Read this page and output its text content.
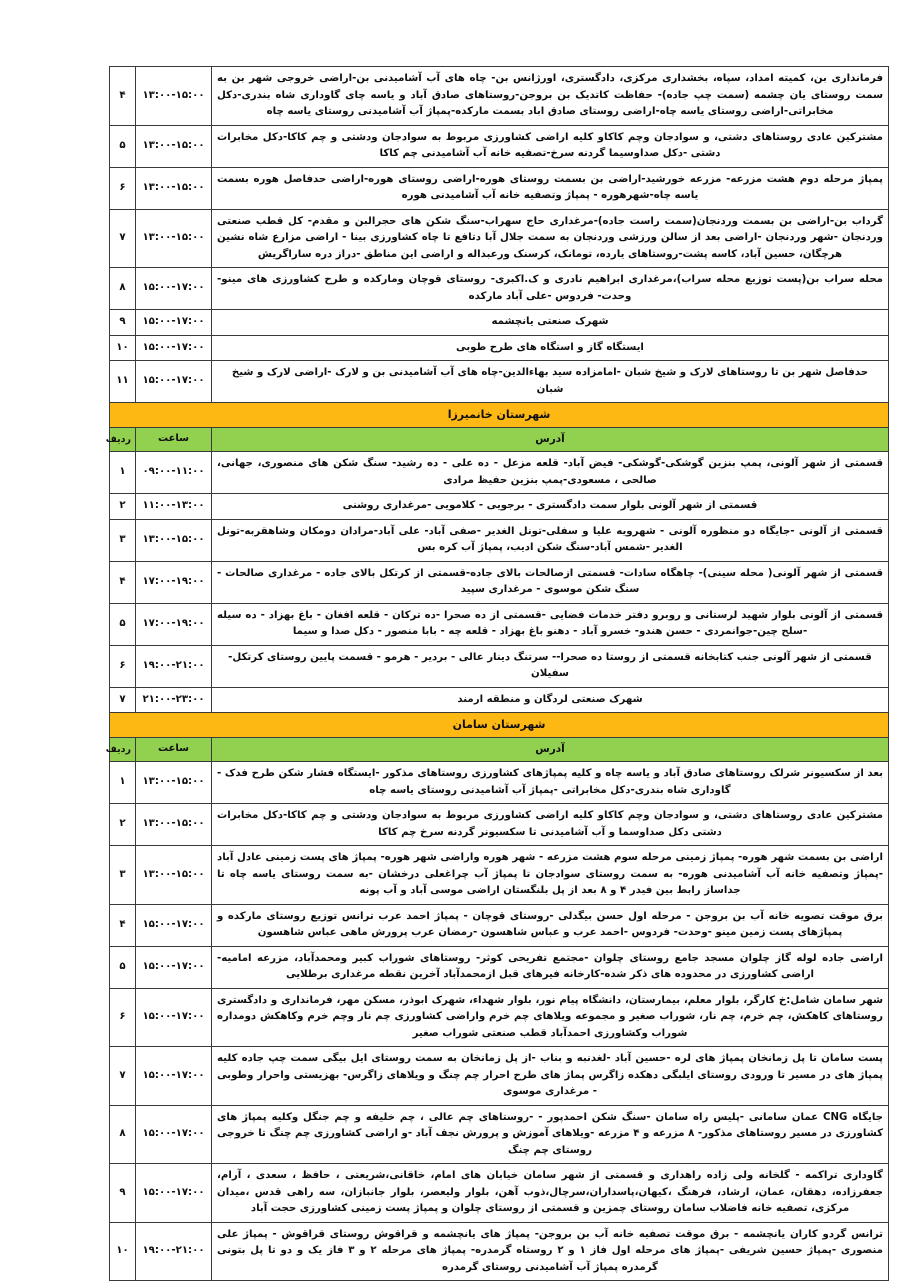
فرمانداری بن، کمیته امداد، سپاه، بخشداری مرکزی، دادگستری، اورژانس بن- چاه های آب آشامیدنی بن-اراضی خروجی شهر بن به سمت روستای یان چشمه (سمت چپ جاده)- حفاظت کاتدیک بن بروجن-روستاهای صادق آباد و یاسه چای گاوداری شاه بندری-دکل مخابراتی-اراضی روستای یاسه چاه-اراضی روستای صادق اباد بسمت مارکده-پمپاژ آب آشامیدنی روستای یاسه چاه	۱۳:۰۰-۱۵:۰۰	۴
مشترکین عادی روستاهای دشتی، و سوادجان وچم کاکاو کلیه اراضی کشاورزی مربوط به سوادجان ودشتی و چم کاکا-دکل مخابرات دشتی -دکل صداوسیما گردنه سرخ-تصفیه خانه آب آشامیدنی چم کاکا	۱۳:۰۰-۱۵:۰۰	۵
پمپاژ مرحله دوم هشت مزرعه- مزرعه خورشید-اراضی بن بسمت روستای هوره-اراضی روستای هوره-اراضی حدفاصل هوره بسمت یاسه چاه-شهرهوره - پمپاژ وتصفیه خانه آب آشامیدنی هوره	۱۳:۰۰-۱۵:۰۰	۶
گرداب بن-اراضی بن بسمت وردنجان(سمت راست جاده)-مرغداری حاج سهراب-سنگ شکن های حجرالبن و مقدم- کل قطب صنعتی وردنجان -شهر وردنجان -اراضی بعد از سالن ورزشی وردنجان به سمت جلال آبا دتافع تا چاه کشاورزی بینا - اراضی مزارع شاه نشین هرچگان، حسین آباد، کاسه پشت-روستاهای یارده، تومانک، کرسنک ورعبداله و اراضی این مناطق -دراز دره ساراگریش	۱۳:۰۰-۱۵:۰۰	۷
محله سراب بن(پست توزیع محله سراب)،مرغداری ابراهیم نادری و ک.اکبری- روستای قوچان ومارکده و طرح کشاورزی های مینو- وحدت- فردوس -علی آباد مارکده	۱۵:۰۰-۱۷:۰۰	۸
شهرک صنعتی یانچشمه	۱۵:۰۰-۱۷:۰۰	۹
ایستگاه گاز و استگاه های طرح طوبی	۱۵:۰۰-۱۷:۰۰	۱۰
حدفاصل شهر بن تا روستاهای لارک و شیخ شبان -امامزاده سید بهاءالدین-چاه های آب آشامیدنی بن و لارک -اراضی لارک و شیخ شبان	۱۵:۰۰-۱۷:۰۰	۱۱
شهرستان خانمیرزا		
آدرس	ساعت	ردیف
قسمتی از شهر آلونی، پمپ بنزین گوشکی-گوشکی- فیض آباد- قلعه مزعل - ده علی - ده رشید- سنگ شکن های منصوری، جهانی، صالحی ، مسعودی-پمپ بنزین حفیظ مرادی	۰۹:۰۰-۱۱:۰۰	۱
قسمتی از شهر آلونی بلوار سمت دادگستری - برجویی - کلامویی -مرغداری روشنی	۱۱:۰۰-۱۳:۰۰	۲
قسمتی از آلونی -جایگاه دو منظوره آلونی - شهرویه علیا و سفلی-تونل الغدیر -صفی آباد- علی آباد-مرادان دومکان وشاهقربه-تونل الغدیر -شمس آباد-سنگ شکن ادیب، پمپاژ آب کره بس	۱۳:۰۰-۱۵:۰۰	۳
قسمتی از شهر آلونی( محله سینی)- چاهگاه سادات- قسمتی ازصالحات بالای جاده-قسمتی از کرتکل بالای جاده - مرغداری صالحات - سنگ شکن موسوی - مرغداری سپید	۱۷:۰۰-۱۹:۰۰	۴
قسمتی از آلونی بلوار شهید لرستانی و روبرو دفتر خدمات فضایی -قسمتی از ده صحرا -ده ترکان - قلعه افغان - باغ بهزاد - ده سیله -سلح چین-جوانمردی - حسن هندو- خسرو آباد - دهنو باغ بهزاد - قلعه چه - بابا منصور - دکل صدا و سیما	۱۷:۰۰-۱۹:۰۰	۵
قسمتی از شهر آلونی جنب کتابخانه قسمتی از روستا ده صحرا-- سرتنگ دینار عالی - بردیر - هرمو - قسمت پایین روستای کرتکل- سفیلان	۱۹:۰۰-۲۱:۰۰	۶
شهرک صنعتی لردگان و منطقه ارمند	۲۱:۰۰-۲۳:۰۰	۷
شهرستان سامان		
آدرس	ساعت	ردیف
بعد از سکسیونر شرلک روستاهای صادق آباد و یاسه چاه و کلیه پمپاژهای کشاورزی روستاهای مذکور -ایستگاه فشار شکن طرح فدک - گاوداری شاه بندری-دکل مخابراتی -پمپاژ آب آشامیدنی روستای یاسه چاه	۱۳:۰۰-۱۵:۰۰	۱
مشترکین عادی روستاهای دشتی، و سوادجان وچم کاکاو کلیه اراضی کشاورزی مربوط به سوادجان ودشتی و چم کاکا-دکل مخابرات دشتی دکل صداوسما و آب آشامیدنی تا سکسیونر گردنه سرخ چم کاکا	۱۳:۰۰-۱۵:۰۰	۲
اراضی بن بسمت شهر هوره- پمپاژ زمینی مرحله سوم هشت مزرعه - شهر هوره واراضی شهر هوره- پمپاژ های پست زمینی عادل آباد -پمپاژ وتصفیه خانه آب آشامیدنی هوره- به سمت روستای سوادجان تا پمپاژ آب چراغعلی درخشان -به سمت روستای یاسه چاه تا جداساز رابط بین فیدر ۴ و ۸ بعد از پل بلنگستان اراضی موسی آباد و آب پونه	۱۳:۰۰-۱۵:۰۰	۳
برق موقت تصویه خانه آب بن بروجن - مرحله اول حسن بیگدلی -روستای قوچان - پمپاژ احمد عرب ترانس توزیع روستای مارکده و پمپاژهای پست زمین مینو -وحدت- فردوس -احمد عرب و عباس شاهسون -رمضان عرب پرورش ماهی عباس شاهسون	۱۵:۰۰-۱۷:۰۰	۴
اراضی جاده لوله گاز چلوان مسجد جامع روستای چلوان -مجتمع تفریحی کوثر- روستاهای شوراب کبیر ومحمدآباد، مزرعه امامیه- اراضی کشاورزی در محدوده های ذکر شده-کارخانه فیرهای قبل ازمحمدآباد آخرین نقطه مرغداری برطلایی	۱۵:۰۰-۱۷:۰۰	۵
شهر سامان شامل:خ کارگر، بلوار معلم، بیمارستان، دانشگاه پیام نور، بلوار شهداء، شهرک ابوذر، مسکن مهر، فرمانداری و دادگستری روستاهای کاهکش، چم خرم، چم نار، شوراب صغیر و مجموعه ویلاهای چم خرم واراضی کشاورزی چم نار وچم خرم وکاهکش دومداره شوراب وکشاورزی احمدآباد قطب صنعتی شوراب صغیر	۱۵:۰۰-۱۷:۰۰	۶
پست سامان تا پل زمانخان پمپاژ های لره -حسین آباد -لغدنبه و بناب -از پل زمانخان به سمت روستای ایل بیگی سمت چپ جاده کلیه پمپاژ های در مسیر تا ورودی روستای ایلبگی دهکده زاگرس پماژ های طرح احرار چم چنگ و ویلاهای زاگرس- بهزیستی واحرار وطوبی - مرغداری موسوی	۱۵:۰۰-۱۷:۰۰	۷
جایگاه CNG عمان سامانی -پلیس راه سامان -سنگ شکن احمدپور - -روستاهای چم عالی ، چم خلیفه و چم جنگل وکلیه پمپاژ های کشاورزی در مسیر روستاهای مذکور- ۸ مزرعه و ۴ مزرعه -ویلاهای آموزش و پرورش نجف آباد -و اراضی کشاورزی چم چنگ تا خروجی روستای چم چنگ	۱۵:۰۰-۱۷:۰۰	۸
گاوداری تراکمه - گلخانه ولی زاده راهداری و قسمتی از شهر سامان خیابان های امام، خاقانی،شریعتی ، حافظ ، سعدی ، آرام، جعفرزاده، دهقان، عمان، ارشاد، فرهنگ ،کیهان،پاسداران،سرچال،ذوب آهن، بلوار ولیعصر، بلوار جانبازان، سه راهی قدس ،میدان مرکزی، تصفیه خانه فاضلاب سامان روستای چمزین و قسمتی از روستای چلوان و پمپاژ پست زمینی کشاورزی حجت آباد	۱۵:۰۰-۱۷:۰۰	۹
ترانس گردو کاران یانچشمه - برق موقت تصفیه خانه آب بن بروجن- پمپاژ های یانچشمه و قراقوش روستای قراقوش - پمپاژ علی منصوری -پمپاژ حسین شریفی -پمپاژ های مرحله اول فاز ۱ و ۲ روستاه گرمدره- پمپاژ های مرحله ۲ و ۳ فاز یک و دو تا پل بتونی گرمدره پمپاژ آب آشامیدنی روستای گرمدره	۱۹:۰۰-۲۱:۰۰	۱۰
